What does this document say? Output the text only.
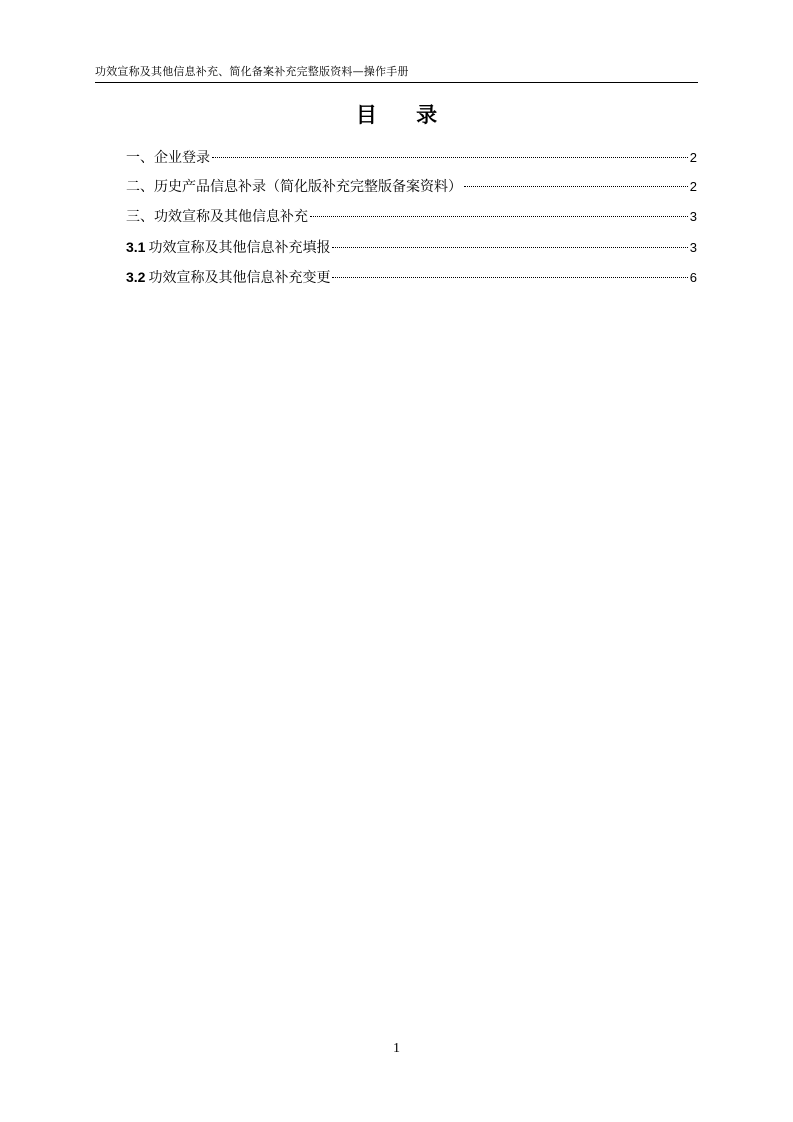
功效宣称及其他信息补充、简化备案补充完整版资料—操作手册
目 录
一、企业登录	2
二、历史产品信息补录（简化版补充完整版备案资料）	2
三、功效宣称及其他信息补充	3
3.1 功效宣称及其他信息补充填报	3
3.2 功效宣称及其他信息补充变更	6
1
